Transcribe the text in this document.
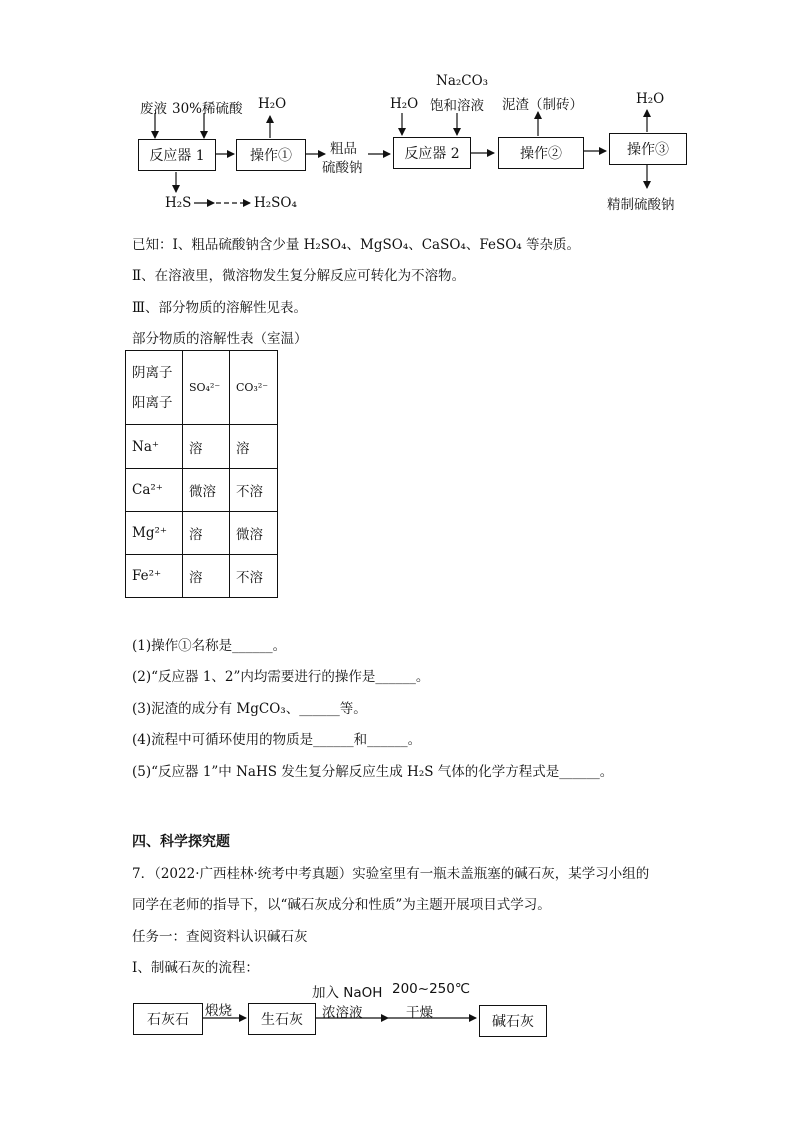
废液 30%稀硫酸
反应器 1
H₂O
操作①	粗品
硫酸钠
H₂O
Na₂CO₃
饱和溶液
反应器 2
泥渣（制砖）
操作②
H₂O
操作③
精制硫酸钠
H₂S	H₂SO₄
已知：Ⅰ、粗品硫酸钠含少量 H₂SO₄、MgSO₄、CaSO₄、FeSO₄ 等杂质。
Ⅱ、在溶液里，微溶物发生复分解反应可转化为不溶物。
Ⅲ、部分物质的溶解性见表。
部分物质的溶解性表（室温）
阴离子
阳离子	SO₄²⁻	CO₃²⁻
Na⁺	溶	溶
Ca²⁺	微溶	不溶
Mg²⁺	溶	微溶
Fe²⁺	溶	不溶
(1)操作①名称是______。
(2)“反应器 1、2”内均需要进行的操作是______。
(3)泥渣的成分有 MgCO₃、______等。
(4)流程中可循环使用的物质是______和______。
(5)“反应器 1”中 NaHS 发生复分解反应生成 H₂S 气体的化学方程式是______。
四、科学探究题
7．（2022·广西桂林·统考中考真题）实验室里有一瓶未盖瓶塞的碱石灰，某学习小组的
同学在老师的指导下，以“碱石灰成分和性质”为主题开展项目式学习。
任务一：查阅资料认识碱石灰
Ⅰ、制碱石灰的流程：
石灰石
煅烧
生石灰
加入 NaOH
浓溶液
200~250℃
干燥
碱石灰
